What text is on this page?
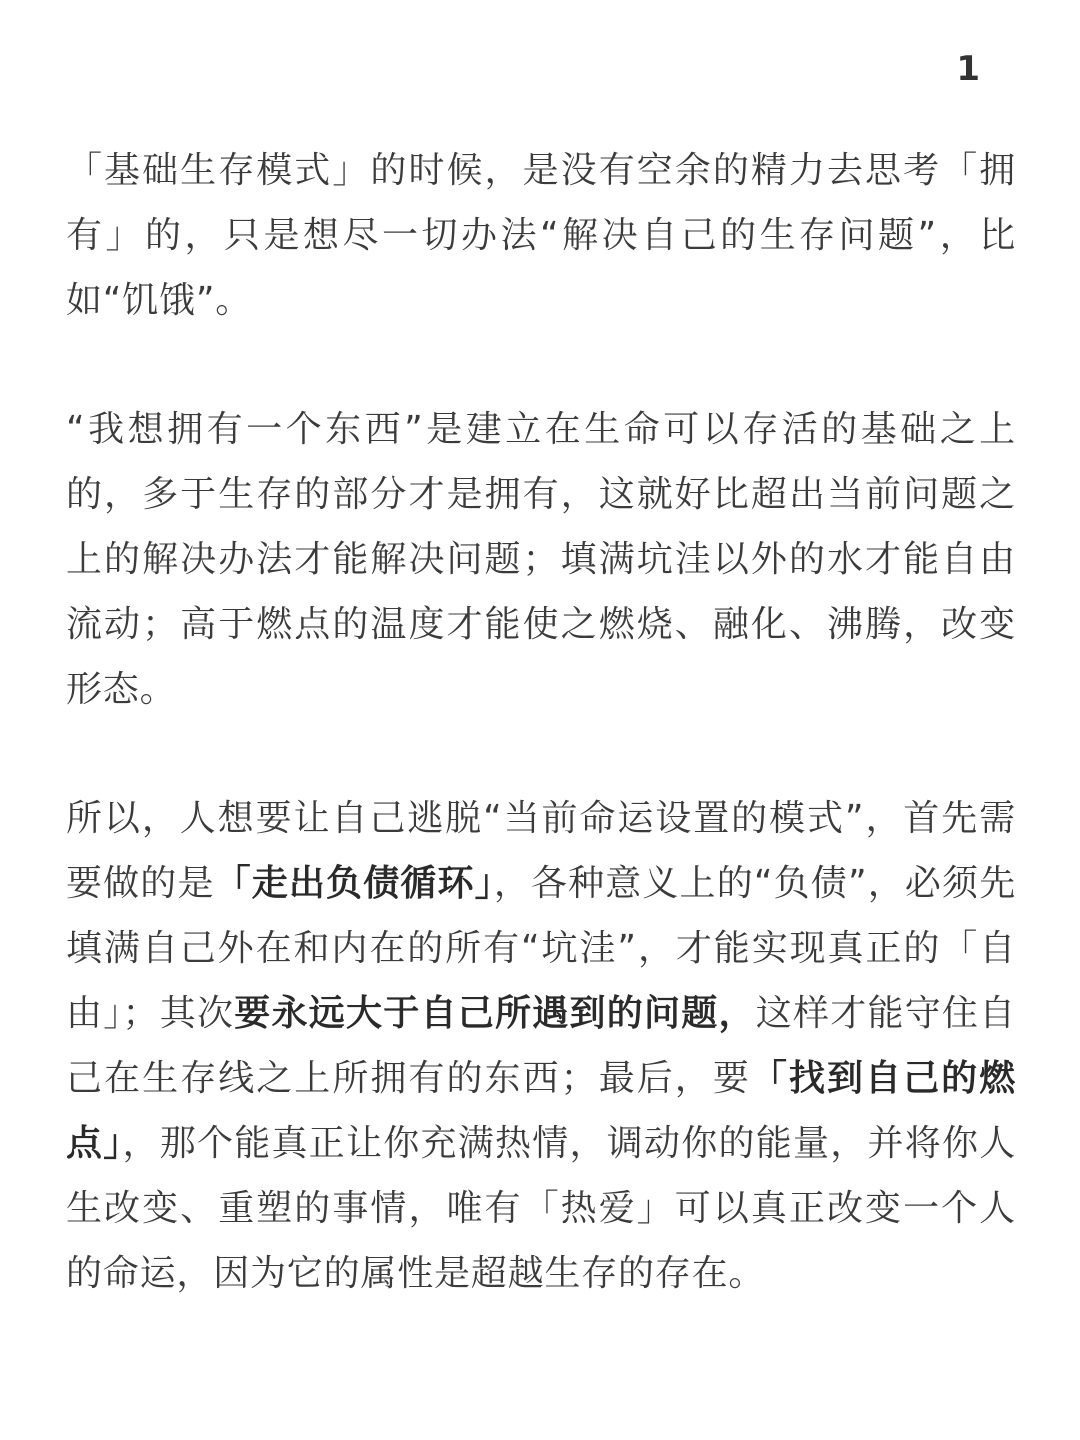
1

「基础生存模式」的时候，是没有空余的精力去思考「拥有」的，只是想尽一切办法“解决自己的生存问题”，比如“饥饿”。

“我想拥有一个东西”是建立在生命可以存活的基础之上的，多于生存的部分才是拥有，这就好比超出当前问题之上的解决办法才能解决问题；填满坑洼以外的水才能自由流动；高于燃点的温度才能使之燃烧、融化、沸腾，改变形态。

所以，人想要让自己逃脱“当前命运设置的模式”，首先需要做的是「走出负债循环」，各种意义上的“负债”，必须先填满自己外在和内在的所有“坑洼”，才能实现真正的「自由」；其次要永远大于自己所遇到的问题，这样才能守住自己在生存线之上所拥有的东西；最后，要「找到自己的燃点」，那个能真正让你充满热情，调动你的能量，并将你人生改变、重塑的事情，唯有「热爱」可以真正改变一个人的命运，因为它的属性是超越生存的存在。
